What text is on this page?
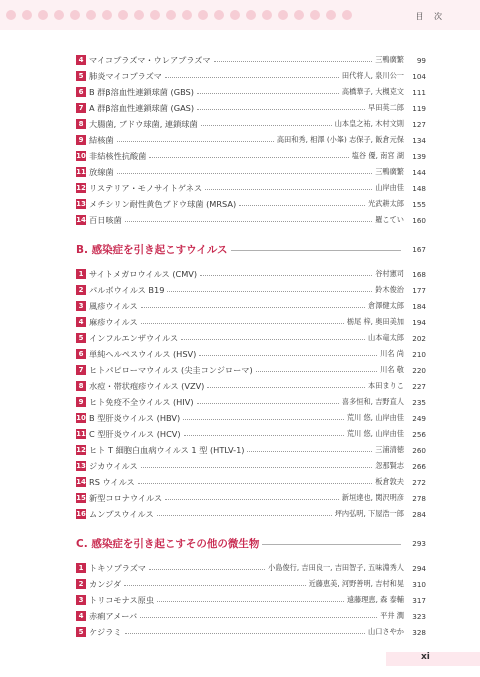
目 次
4 マイコプラズマ・ウレアプラズマ	三鴨廣繁	99
5 肺炎マイコプラズマ	田代将人, 泉川公一	104
6 B 群β溶血性連鎖球菌 (GBS)	高橋華子, 大槻克文	111
7 A 群β溶血性連鎖球菌 (GAS)	早田英二郎	119
8 大腸菌, ブドウ球菌, 連鎖球菌	山本皇之祐, 木村文則	127
9 結核菌	高田和秀, 相澤 (小峯) 志保子, 飯倉元保	134
10 非結核性抗酸菌	塩谷 優, 南宮 湖	139
11 放線菌	三鴨廣繁	144
12 リステリア・モノサイトゲネス	山岸由佳	148
13 メチシリン耐性黄色ブドウ球菌 (MRSA)	光武耕太郎	155
14 百日咳菌	羅こてい	160
B. 感染症を引き起こすウイルス	167
1 サイトメガロウイルス (CMV)	谷村憲司	168
2 パルボウイルス B19	鈴木俊治	177
3 風疹ウイルス	倉澤健太郎	184
4 麻疹ウイルス	栃尾 梓, 奥田美加	194
5 インフルエンザウイルス	山本竜太郎	202
6 単純ヘルペスウイルス (HSV)	川名 尚	210
7 ヒトパピローマウイルス (尖圭コンジローマ)	川名 敬	220
8 水痘・帯状疱疹ウイルス (VZV)	本田まりこ	227
9 ヒト免疫不全ウイルス (HIV)	喜多恒和, 吉野直人	235
10 B 型肝炎ウイルス (HBV)	荒川 悠, 山岸由佳	249
11 C 型肝炎ウイルス (HCV)	荒川 悠, 山岸由佳	256
12 ヒト T 細胞白血病ウイルス 1 型 (HTLV-1)	三浦清徳	260
13 ジカウイルス	忽那賢志	266
14 RS ウイルス	板倉敦夫	272
15 新型コロナウイルス	新垣達也, 関沢明彦	278
16 ムンプスウイルス	坪内弘明, 下屋浩一郎	284
C. 感染症を引き起こすその他の微生物	293
1 トキソプラズマ	小島俊行, 吉田良一, 吉田智子, 五味淵秀人	294
2 カンジダ	近藤恵美, 河野善明, 吉村和晃	310
3 トリコモナス原虫	遠藤理恵, 森 泰輔	317
4 赤痢アメーバ	平井 潤	323
5 ケジラミ	山口さやか	328
xi
